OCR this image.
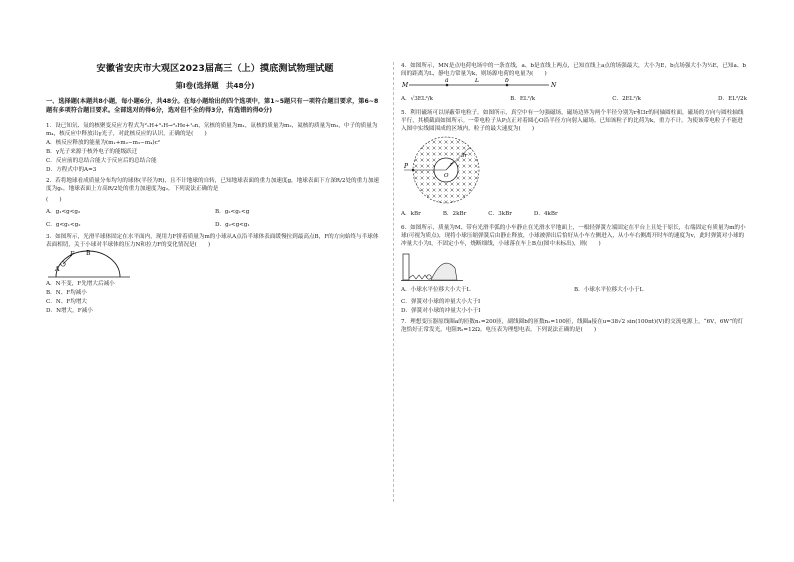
安徽省安庆市大观区2023届高三（上）摸底测试物理试题
第Ⅰ卷(选择题　共48分)
一、选择题(本题共8小题，每小题6分，共48分。在每小题给出的四个选项中，第1~5题只有一项符合题目要求，第6~8题有多项符合题目要求。全部选对的得6分，选对但不全的得3分，有选错的得0分)
1．设已知氘、氚的核聚变反应方程式为²₁H+³₁H→⁴₂He+¹₀n，氘核的质量为m₁，氚核的质量为m₂，氦核的质量为m₃，中子的质量为m₄，核反应中释放出γ光子，对此核反应的认识，正确的是(　　)
A．核反应释放的能量为(m₁+m₂−m₃−m₄)c²
B．γ光子来源于核外电子的能级跃迁
C．反应前的总结合能大于反应后的总结合能
D．方程式中的A=3
2．若将地球看成质量分布均匀的球体(半径为R)，且不计地球的自转，已知地球表面的重力加速度g，地球表面下方深R/2处的重力加速度为g₁，地球表面上方高R/2处的重力加速度为g₂，下列说法正确的是
(　　)
A．g₁<g<g₂	B．g₂<g₁<g
C．g<g₁<g₂	D．g₂<g<g₁
3．如图所示，光滑半球体固定在水平面内，现用力F拼着质量为m的小球从A点沿半球体表面缓慢拉到最高点B，F的方向始终与半球体表面相切，关于小球对半球体的压力N和拉力F的变化情况是(　　)
F B
A
A．N不变，F先增大后减小
B．N、F均减小
C．N、F均增大
D．N增大，F减小
4．如图所示，MN是点电荷电场中的一条直线，a、b是直线上两点，已知直线上a点的场强最大，大小为E，b点场强大小为½E，已知a、b间的距离为L，静电力常量为k，则场源电荷的电量为(　　)
M
a	L	b
N
A．√3EL²/k	B．EL²/k	C．2EL²/k	D．EL²/2k
5．利用磁场可以屏蔽带电粒子。如图所示，真空中有一匀强磁场，磁场边界为两个半径分别为r和3r的同轴圆柱面，磁场的方向与圆柱轴线平行，其横截面如图所示。一带电粒子从P点正对着圆心O沿半径方向射入磁场。已知该粒子的比荷为k，重力不计。为使该带电粒子不能进入图中实线圆围成的区域内，粒子的最大速度为(　　)
P
O
3r
r
A．kBr	B．2kBr	C．3kBr	D．4kBr
6．如图所示，质量为M、带有光滑半弧的小车静止在光滑水平地面上，一根轻弹簧左端固定在平台上且处于原长，右端固定有质量为m的小球(可视为质点)，现将小球压缩弹簧后由静止释放，小球被弹出后恰好从小车左侧进入，从小车右侧离开时车的速度为v，此时弹簧对小球的冲量大小为I，不固定小车，烧断细线，小球落在车上B点(图中未标出)，则(　　)
A．小球水平位移大小大于L	B．小球水平位移大小小于L
C．弹簧对小球的冲量大小大于I
D．弹簧对小球的冲量大小小于I
7．理想变压器原线圈a的匝数n₁=200匝，副线圈b的匝数n₂=100匝，线圈a接在u=38√2 sin(100πt)(V)的交流电源上，“6V，6W”的灯泡恰好正常发光，电阻R₂=12Ω。电压表为理想电表。下列说法正确的是(　　)
